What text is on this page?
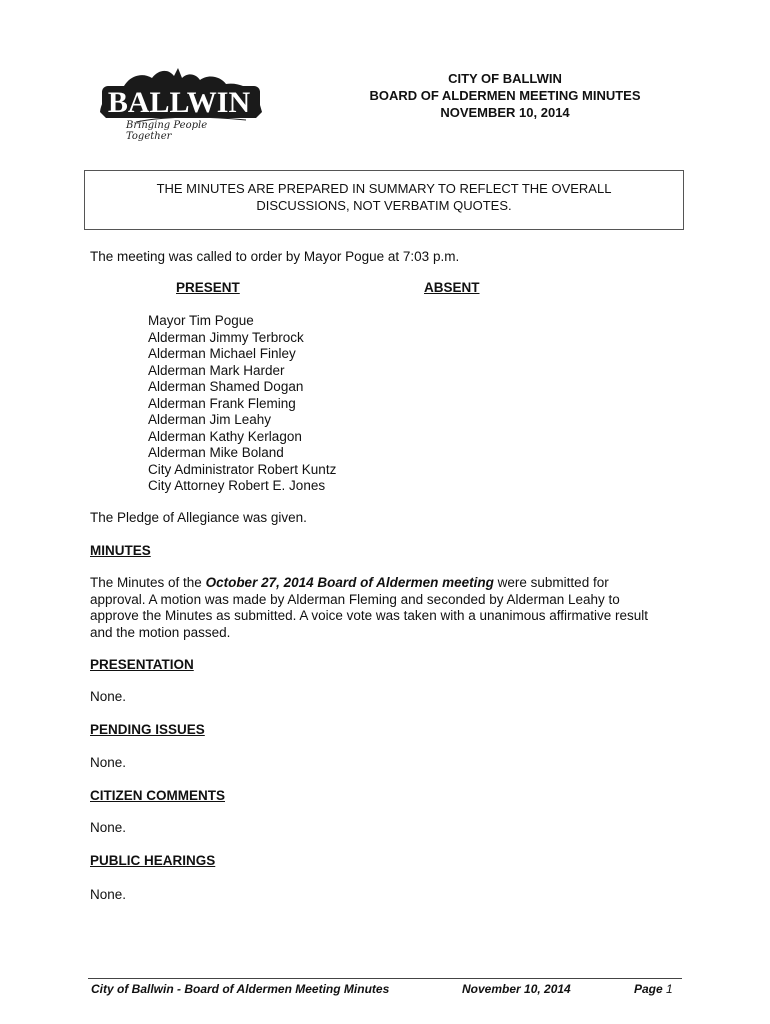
BALLWIN
Bringing People Together
CITY OF BALLWIN
BOARD OF ALDERMEN MEETING MINUTES
NOVEMBER 10, 2014
THE MINUTES ARE PREPARED IN SUMMARY TO REFLECT THE OVERALL
DISCUSSIONS, NOT VERBATIM QUOTES.

The meeting was called to order by Mayor Pogue at 7:03 p.m.

PRESENT	ABSENT
Mayor Tim Pogue
Alderman Jimmy Terbrock
Alderman Michael Finley
Alderman Mark Harder
Alderman Shamed Dogan
Alderman Frank Fleming
Alderman Jim Leahy
Alderman Kathy Kerlagon
Alderman Mike Boland
City Administrator Robert Kuntz
City Attorney Robert E. Jones

The Pledge of Allegiance was given.

MINUTES

The Minutes of the October 27, 2014 Board of Aldermen meeting were submitted for

approval. A motion was made by Alderman Fleming and seconded by Alderman Leahy to

approve the Minutes as submitted. A voice vote was taken with a unanimous affirmative result

and the motion passed.

PRESENTATION

None.

PENDING ISSUES

None.

CITIZEN COMMENTS

None.

PUBLIC HEARINGS

None.

City of Ballwin - Board of Aldermen Meeting Minutes	November 10, 2014	Page 1
